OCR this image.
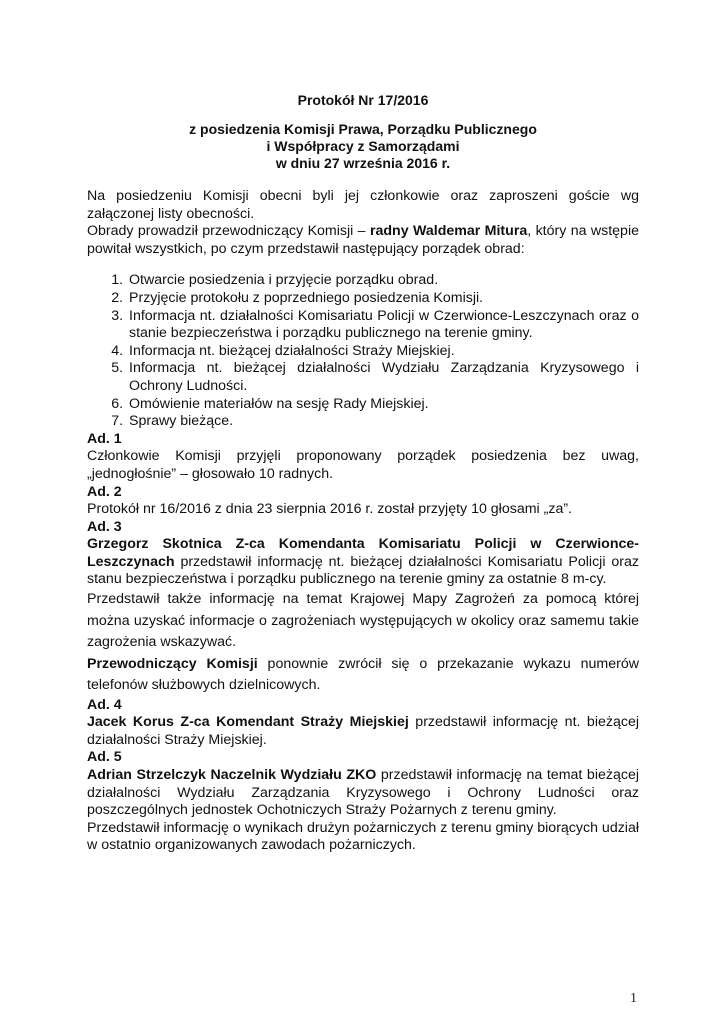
Protokół Nr 17/2016
z posiedzenia Komisji Prawa, Porządku Publicznego
i Współpracy z Samorządami
w dniu 27 września 2016 r.

Na posiedzeniu Komisji obecni byli jej członkowie oraz zaproszeni goście wg załączonej listy obecności.

Obrady prowadził przewodniczący Komisji – radny Waldemar Mitura, który na wstępie powitał wszystkich, po czym przedstawił następujący porządek obrad:

1. Otwarcie posiedzenia i przyjęcie porządku obrad.
2. Przyjęcie protokołu z poprzedniego posiedzenia Komisji.
3. Informacja nt. działalności Komisariatu Policji w Czerwionce-Leszczynach oraz o stanie bezpieczeństwa i porządku publicznego na terenie gminy.
4. Informacja nt. bieżącej działalności Straży Miejskiej.
5. Informacja nt. bieżącej działalności Wydziału Zarządzania Kryzysowego i Ochrony Ludności.
6. Omówienie materiałów na sesję Rady Miejskiej.
7. Sprawy bieżące.

Ad. 1

Członkowie Komisji przyjęli proponowany porządek posiedzenia bez uwag, „jednogłośnie” – głosowało 10 radnych.

Ad. 2

Protokół nr 16/2016 z dnia 23 sierpnia 2016 r. został przyjęty 10 głosami „za”.

Ad. 3

Grzegorz Skotnica Z-ca Komendanta Komisariatu Policji w Czerwionce-Leszczynach przedstawił informację nt. bieżącej działalności Komisariatu Policji oraz stanu bezpieczeństwa i porządku publicznego na terenie gminy za ostatnie 8 m-cy.

Przedstawił także informację na temat Krajowej Mapy Zagrożeń za pomocą której można uzyskać informacje o zagrożeniach występujących w okolicy oraz samemu takie zagrożenia wskazywać.

Przewodniczący Komisji ponownie zwrócił się o przekazanie wykazu numerów telefonów służbowych dzielnicowych.

Ad. 4

Jacek Korus Z-ca Komendant Straży Miejskiej przedstawił informację nt. bieżącej działalności Straży Miejskiej.

Ad. 5

Adrian Strzelczyk Naczelnik Wydziału ZKO przedstawił informację na temat bieżącej działalności Wydziału Zarządzania Kryzysowego i Ochrony Ludności oraz poszczególnych jednostek Ochotniczych Straży Pożarnych z terenu gminy.

Przedstawił informację o wynikach drużyn pożarniczych z terenu gminy biorących udział w ostatnio organizowanych zawodach pożarniczych.

1
